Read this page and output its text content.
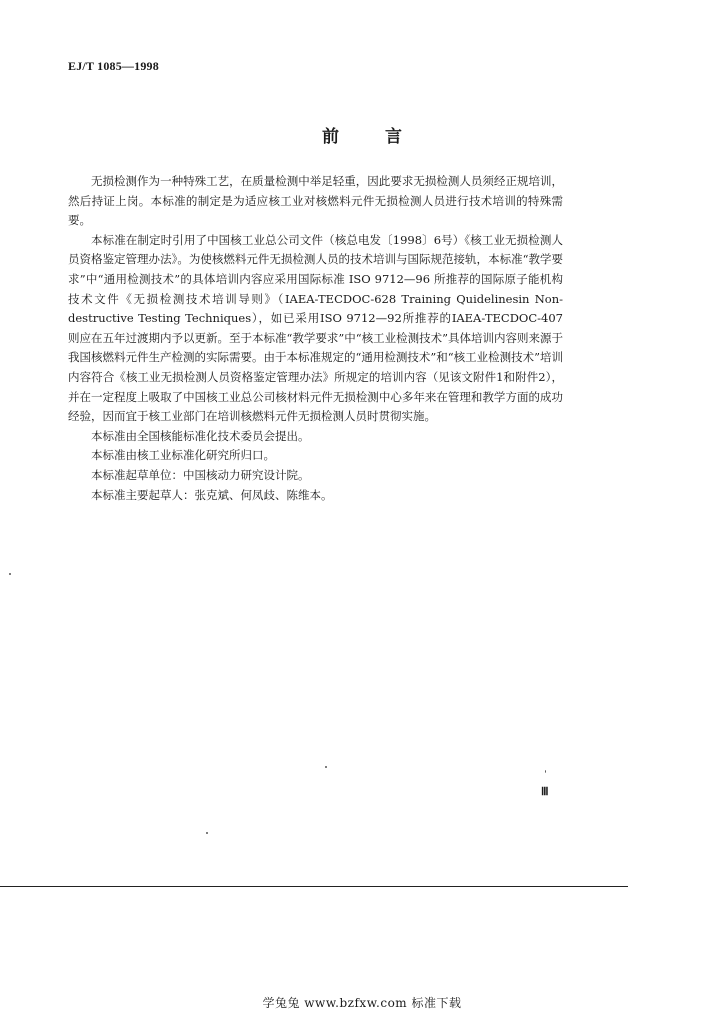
EJ/T 1085—1998
前 言

无损检测作为一种特殊工艺，在质量检测中举足轻重，因此要求无损检测人员须经正规培训，然后持证上岗。本标准的制定是为适应核工业对核燃料元件无损检测人员进行技术培训的特殊需要。

本标准在制定时引用了中国核工业总公司文件（核总电发〔1998〕6号）《核工业无损检测人员资格鉴定管理办法》。为使核燃料元件无损检测人员的技术培训与国际规范接轨，本标准“教学要求”中“通用检测技术”的具体培训内容应采用国际标准 ISO 9712—96 所推荐的国际原子能机构技术文件《无损检测技术培训导则》（IAEA-TECDOC-628 Training Quidelinesin Non-destructive Testing Techniques），如已采用ISO 9712—92所推荐的IAEA-TECDOC-407 则应在五年过渡期内予以更新。至于本标准“教学要求”中“核工业检测技术”具体培训内容则来源于我国核燃料元件生产检测的实际需要。由于本标准规定的“通用检测技术”和“核工业检测技术”培训内容符合《核工业无损检测人员资格鉴定管理办法》所规定的培训内容（见该文附件1和附件2），并在一定程度上吸取了中国核工业总公司核材料元件无损检测中心多年来在管理和教学方面的成功经验，因而宜于核工业部门在培训核燃料元件无损检测人员时贯彻实施。

本标准由全国核能标准化技术委员会提出。

本标准由核工业标准化研究所归口。

本标准起草单位：中国核动力研究设计院。

本标准主要起草人：张克斌、何凤歧、陈维本。

Ⅲ
学兔兔 www.bzfxw.com 标准下载
